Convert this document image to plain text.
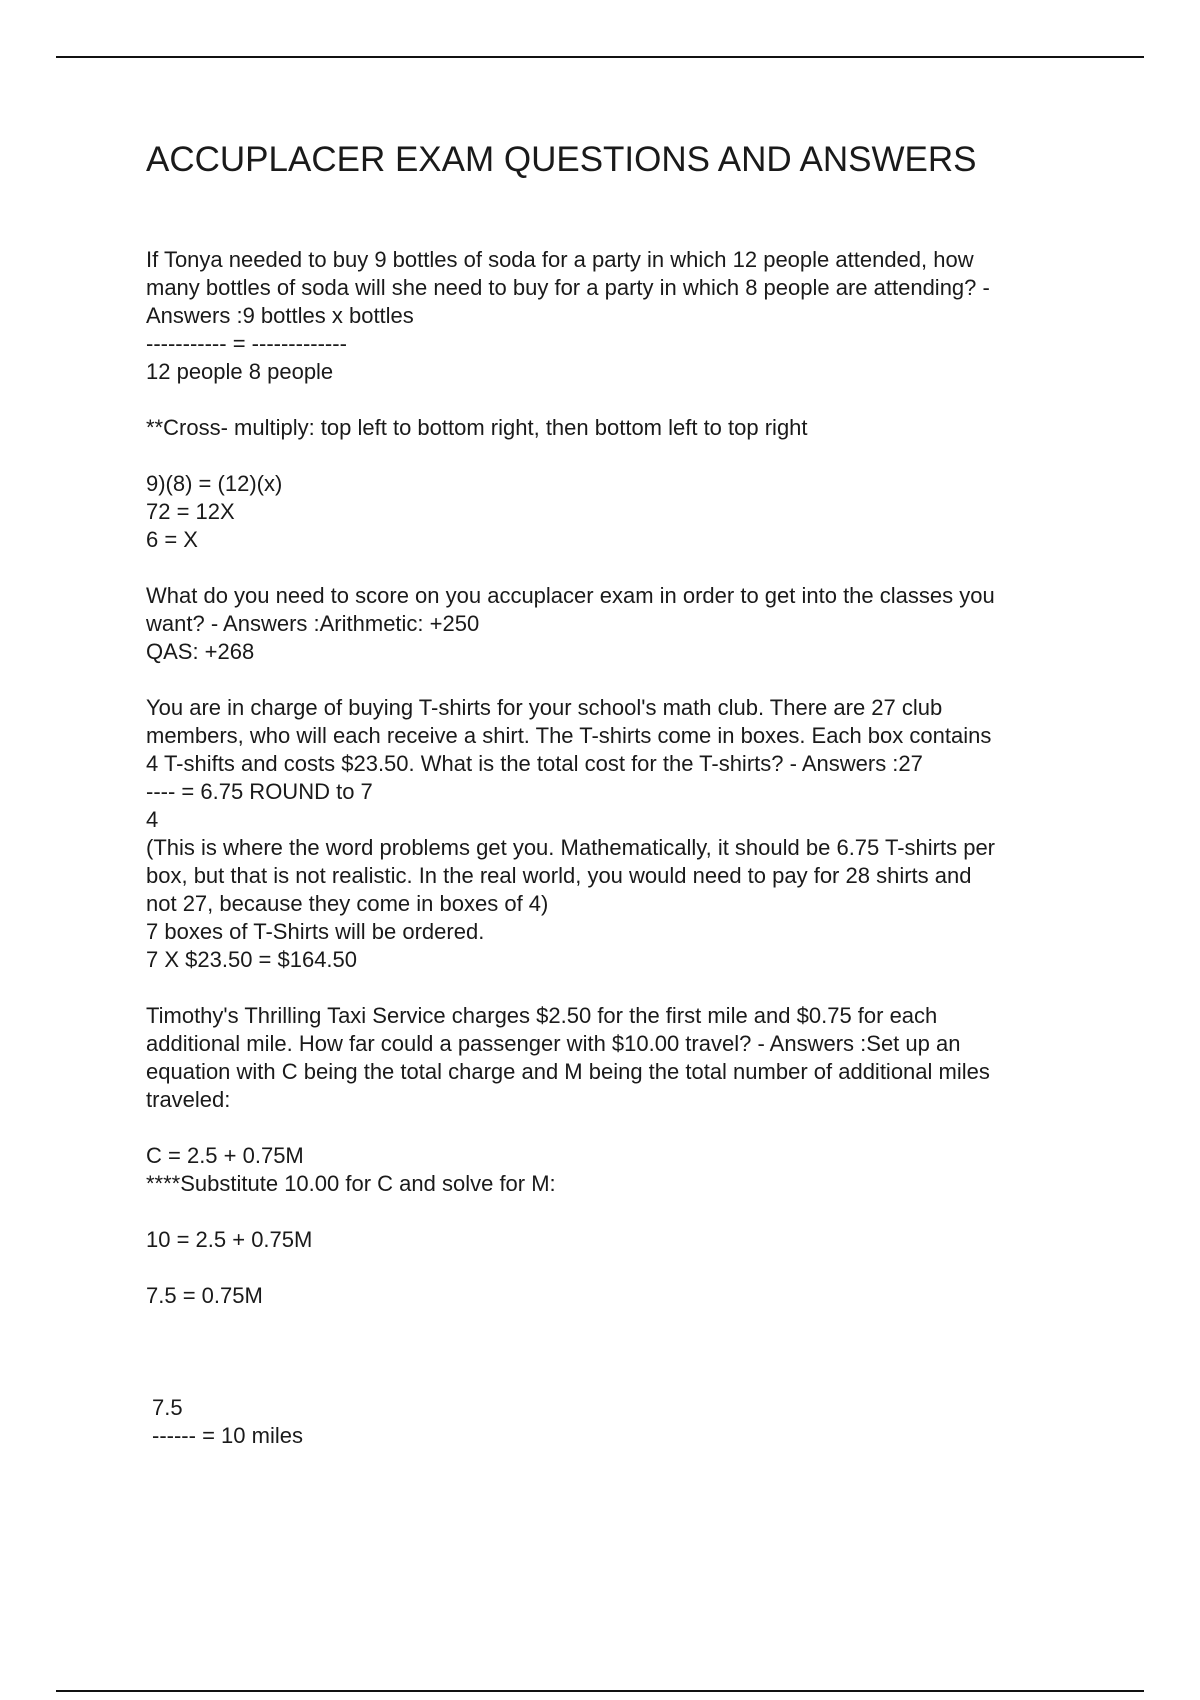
ACCUPLACER EXAM QUESTIONS AND ANSWERS
If Tonya needed to buy 9 bottles of soda for a party in which 12 people attended, how
many bottles of soda will she need to buy for a party in which 8 people are attending? -
Answers :9 bottles x bottles
----------- = -------------
12 people 8 people
**Cross- multiply: top left to bottom right, then bottom left to top right
9)(8) = (12)(x)
72 = 12X
6 = X
What do you need to score on you accuplacer exam in order to get into the classes you
want? - Answers :Arithmetic: +250
QAS: +268
You are in charge of buying T-shirts for your school's math club. There are 27 club
members, who will each receive a shirt. The T-shirts come in boxes. Each box contains
4 T-shifts and costs $23.50. What is the total cost for the T-shirts? - Answers :27
---- = 6.75 ROUND to 7
4
(This is where the word problems get you. Mathematically, it should be 6.75 T-shirts per
box, but that is not realistic. In the real world, you would need to pay for 28 shirts and
not 27, because they come in boxes of 4)
7 boxes of T-Shirts will be ordered.
7 X $23.50 = $164.50
Timothy's Thrilling Taxi Service charges $2.50 for the first mile and $0.75 for each
additional mile. How far could a passenger with $10.00 travel? - Answers :Set up an
equation with C being the total charge and M being the total number of additional miles
traveled:
C = 2.5 + 0.75M
****Substitute 10.00 for C and solve for M:
10 = 2.5 + 0.75M
7.5 = 0.75M
7.5
------ = 10 miles
